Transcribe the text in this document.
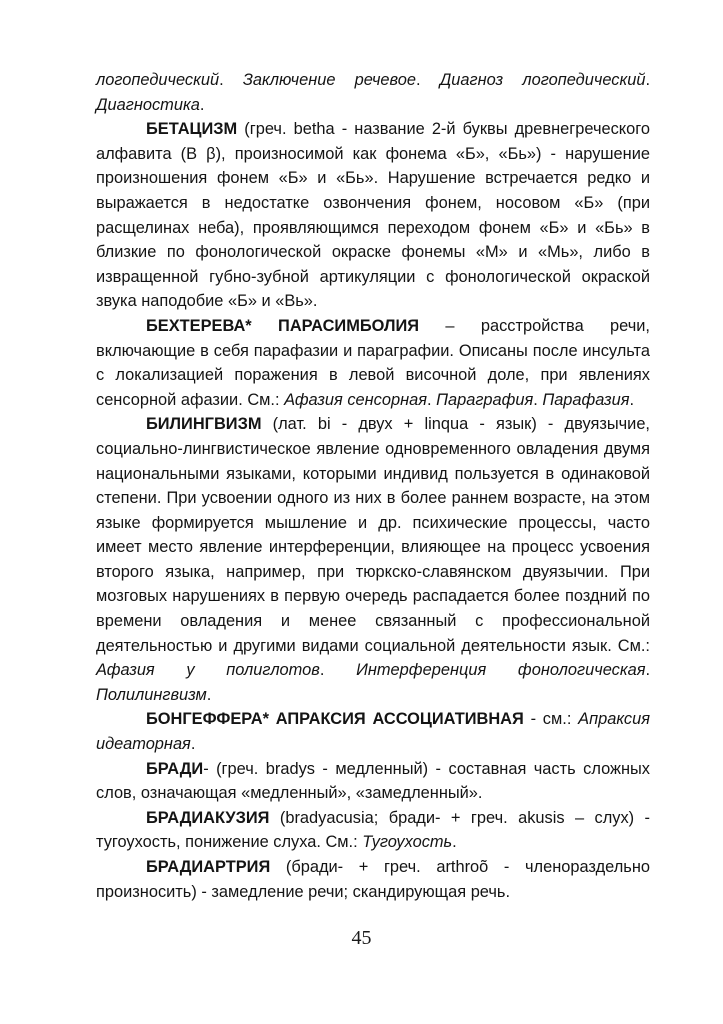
логопедический. Заключение речевое. Диагноз логопедический. Диагностика.

БЕТАЦИЗМ (греч. betha - название 2-й буквы древнегреческого алфавита (В β), произносимой как фонема «Б», «Бь») - нарушение произношения фонем «Б» и «Бь». Нарушение встречается редко и выражается в недостатке озвончения фонем, носовом «Б» (при расщелинах неба), проявляющимся переходом фонем «Б» и «Бь» в близкие по фонологической окраске фонемы «М» и «Мь», либо в извращенной губно-зубной артикуляции с фонологической окраской звука наподобие «Б» и «Вь».

БЕХТЕРЕВА* ПАРАСИМБОЛИЯ – расстройства речи, включающие в себя парафазии и параграфии. Описаны после инсульта с локализацией поражения в левой височной доле, при явлениях сенсорной афазии. См.: Афазия сенсорная. Параграфия. Парафазия.

БИЛИНГВИЗМ (лат. bi - двух + linqua - язык) - двуязычие, социально-лингвистическое явление одновременного овладения двумя национальными языками, которыми индивид пользуется в одинаковой степени. При усвоении одного из них в более раннем возрасте, на этом языке формируется мышление и др. психические процессы, часто имеет место явление интерференции, влияющее на процесс усвоения второго языка, например, при тюркско-славянском двуязычии. При мозговых нарушениях в первую очередь распадается более поздний по времени овладения и менее связанный с профессиональной деятельностью и другими видами социальной деятельности язык. См.: Афазия у полиглотов. Интерференция фонологическая. Полилингвизм.

БОНГЕФФЕРА* АПРАКСИЯ АССОЦИАТИВНАЯ - см.: Апраксия идеаторная.

БРАДИ- (греч. bradys - медленный) - составная часть сложных слов, означающая «медленный», «замедленный».

БРАДИАКУЗИЯ (bradyacusia; бради- + греч. akusis – слух) - тугоухость, понижение слуха. См.: Тугоухость.

БРАДИАРТРИЯ (бради- + греч. arthroõ - членораздельно произносить) - замедление речи; скандирующая речь.

45
